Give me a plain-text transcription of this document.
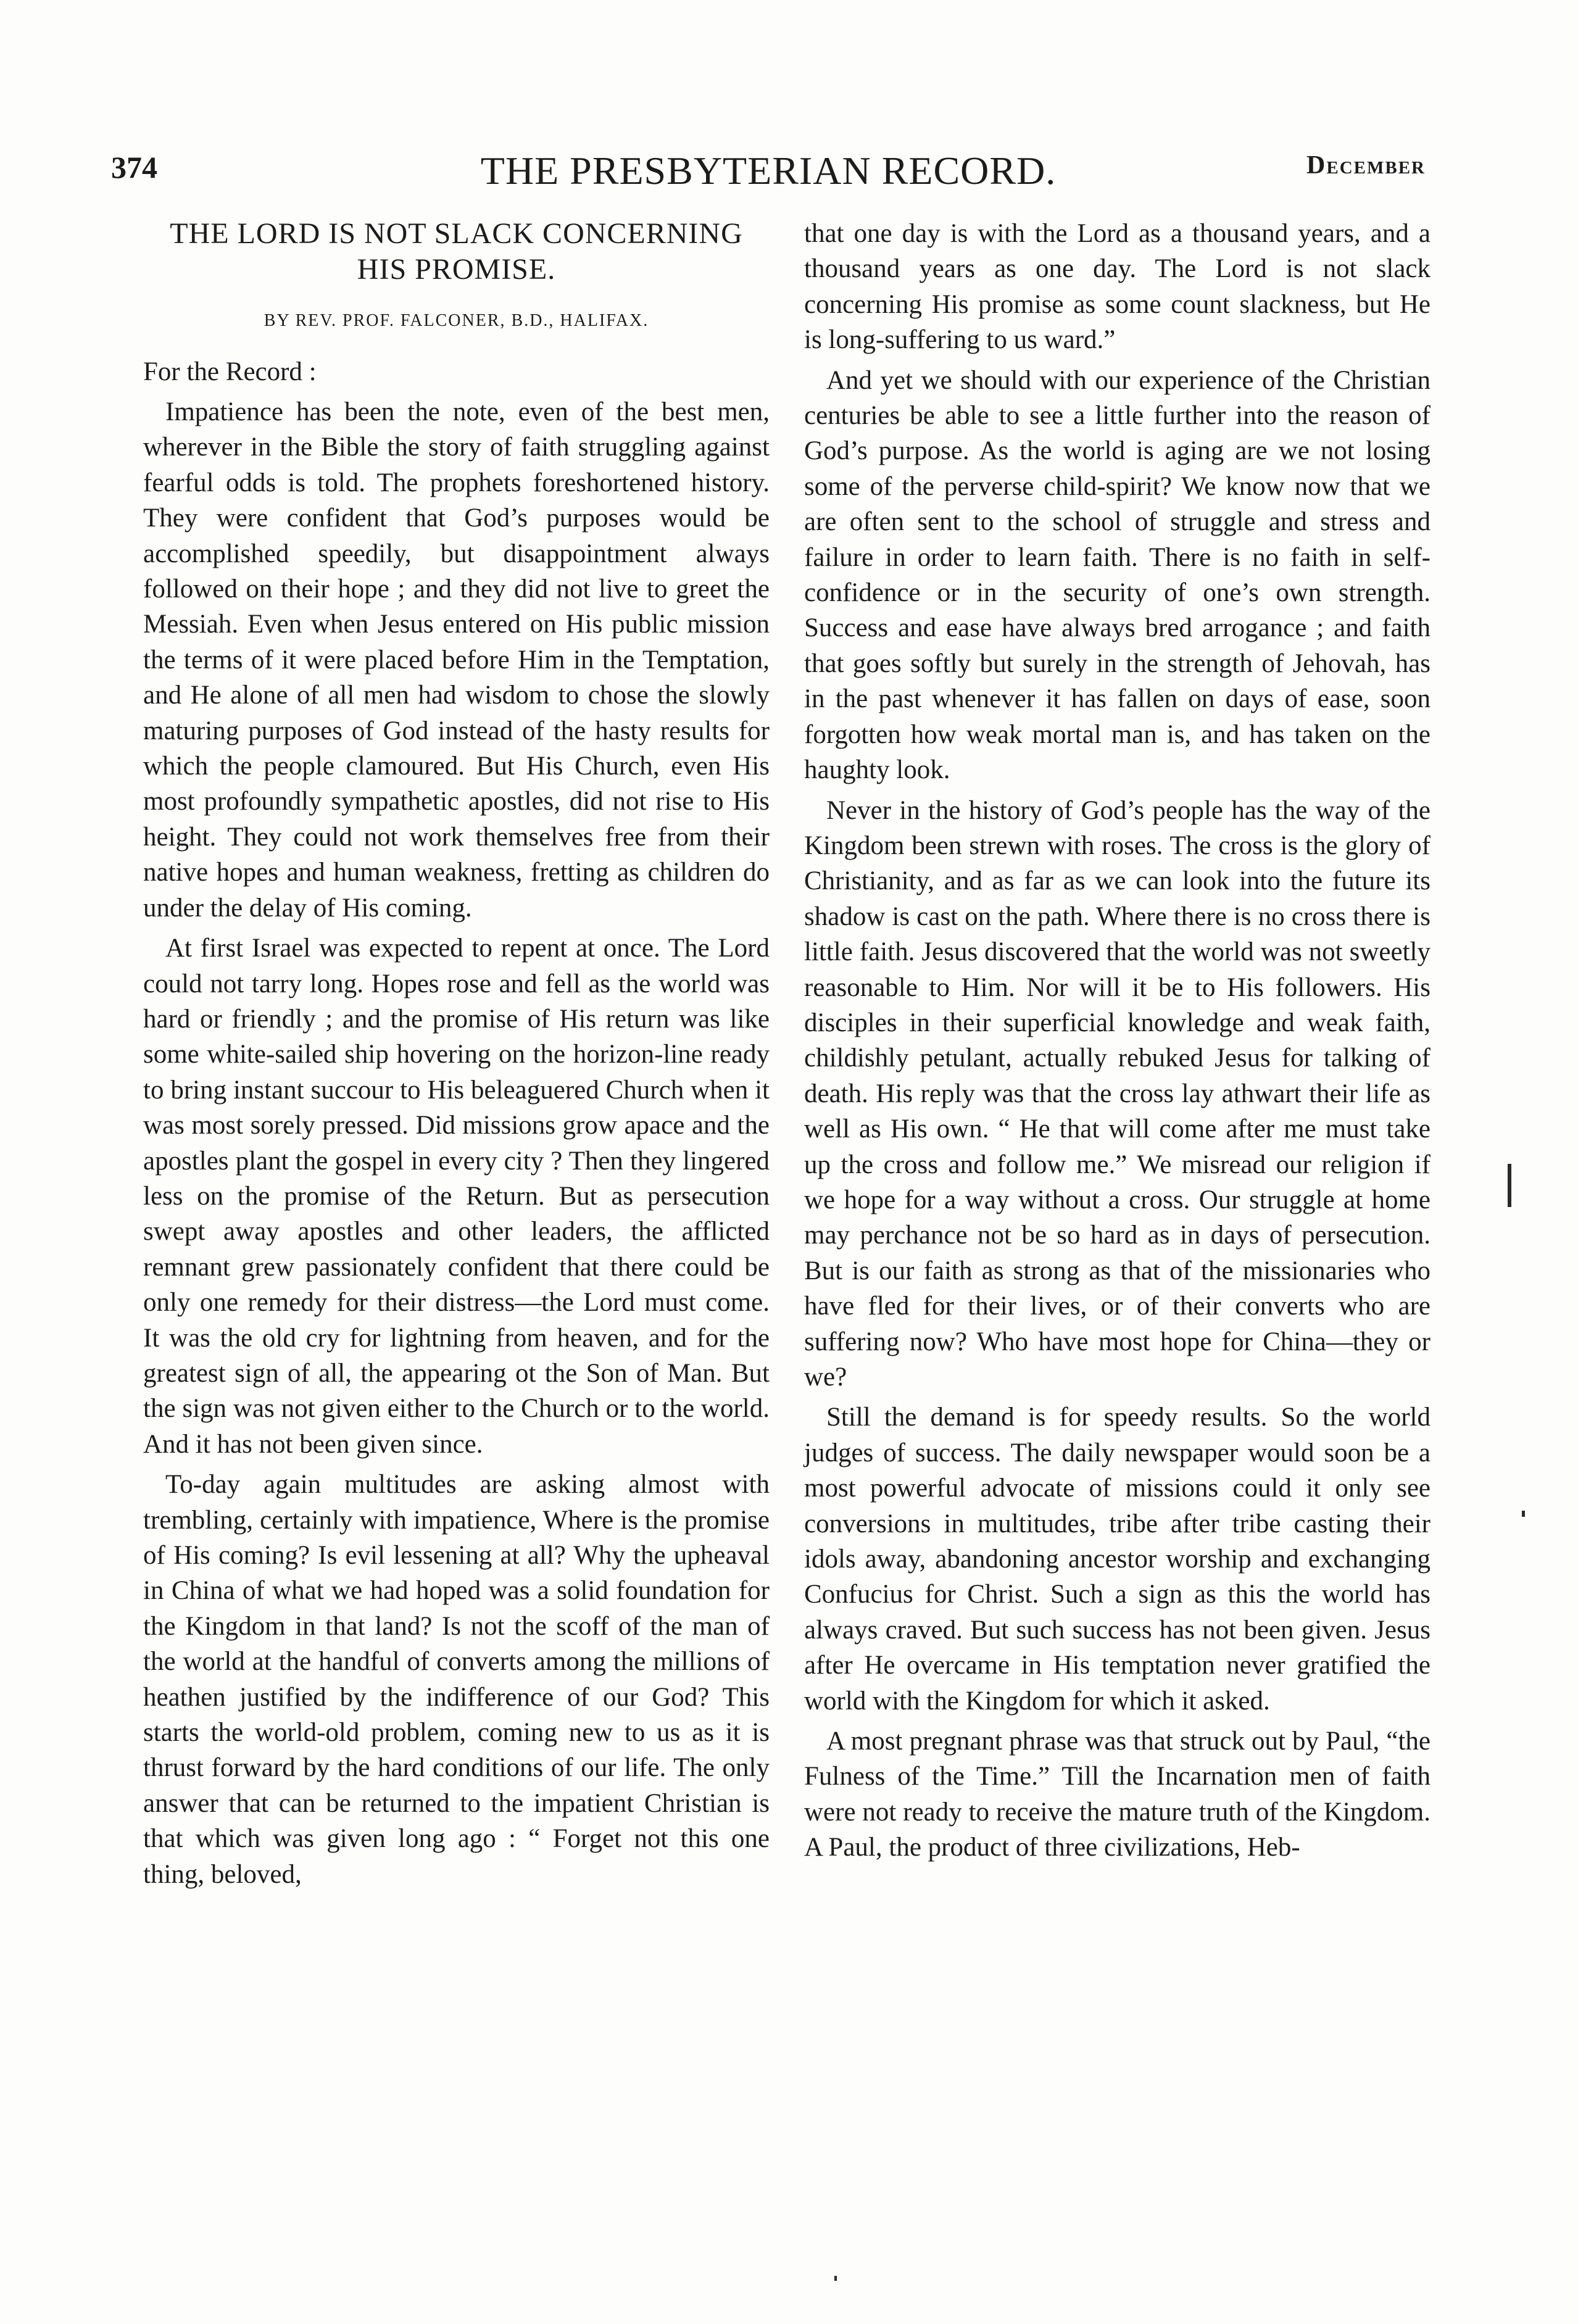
374	THE PRESBYTERIAN RECORD.	December
THE LORD IS NOT SLACK CONCERNING HIS PROMISE.
BY REV. PROF. FALCONER, B.D., HALIFAX.
For the Record :

Impatience has been the note, even of the best men, wherever in the Bible the story of faith struggling against fearful odds is told. The prophets foreshortened history. They were confident that God’s purposes would be accomplished speedily, but disappointment always followed on their hope ; and they did not live to greet the Messiah. Even when Jesus entered on His public mission the terms of it were placed before Him in the Temptation, and He alone of all men had wisdom to chose the slowly maturing purposes of God instead of the hasty results for which the people clamoured. But His Church, even His most profoundly sympathetic apostles, did not rise to His height. They could not work themselves free from their native hopes and human weakness, fretting as children do under the delay of His coming.

At first Israel was expected to repent at once. The Lord could not tarry long. Hopes rose and fell as the world was hard or friendly ; and the promise of His return was like some white-sailed ship hovering on the horizon-line ready to bring instant succour to His beleaguered Church when it was most sorely pressed. Did missions grow apace and the apostles plant the gospel in every city ? Then they lingered less on the promise of the Return. But as persecution swept away apostles and other leaders, the afflicted remnant grew passionately confident that there could be only one remedy for their distress—the Lord must come. It was the old cry for lightning from heaven, and for the greatest sign of all, the appearing ot the Son of Man. But the sign was not given either to the Church or to the world. And it has not been given since.

To-day again multitudes are asking almost with trembling, certainly with impatience, Where is the promise of His coming? Is evil lessening at all? Why the upheaval in China of what we had hoped was a solid foundation for the Kingdom in that land? Is not the scoff of the man of the world at the handful of converts among the millions of heathen justified by the indifference of our God? This starts the world-old problem, coming new to us as it is thrust forward by the hard conditions of our life. The only answer that can be returned to the impatient Christian is that which was given long ago : “ Forget not this one thing, beloved,

that one day is with the Lord as a thousand years, and a thousand years as one day. The Lord is not slack concerning His promise as some count slackness, but He is long-suffering to us ward.”

And yet we should with our experience of the Christian centuries be able to see a little further into the reason of God’s purpose. As the world is aging are we not losing some of the perverse child-spirit? We know now that we are often sent to the school of struggle and stress and failure in order to learn faith. There is no faith in self-confidence or in the security of one’s own strength. Success and ease have always bred arrogance ; and faith that goes softly but surely in the strength of Jehovah, has in the past whenever it has fallen on days of ease, soon forgotten how weak mortal man is, and has taken on the haughty look.

Never in the history of God’s people has the way of the Kingdom been strewn with roses. The cross is the glory of Christianity, and as far as we can look into the future its shadow is cast on the path. Where there is no cross there is little faith. Jesus discovered that the world was not sweetly reasonable to Him. Nor will it be to His followers. His disciples in their superficial knowledge and weak faith, childishly petulant, actually rebuked Jesus for talking of death. His reply was that the cross lay athwart their life as well as His own. “ He that will come after me must take up the cross and follow me.” We misread our religion if we hope for a way without a cross. Our struggle at home may perchance not be so hard as in days of persecution. But is our faith as strong as that of the missionaries who have fled for their lives, or of their converts who are suffering now? Who have most hope for China—they or we?

Still the demand is for speedy results. So the world judges of success. The daily newspaper would soon be a most powerful advocate of missions could it only see conversions in multitudes, tribe after tribe casting their idols away, abandoning ancestor worship and exchanging Confucius for Christ. Such a sign as this the world has always craved. But such success has not been given. Jesus after He overcame in His temptation never gratified the world with the Kingdom for which it asked.

A most pregnant phrase was that struck out by Paul, “the Fulness of the Time.” Till the Incarnation men of faith were not ready to receive the mature truth of the Kingdom. A Paul, the product of three civilizations, Heb-
